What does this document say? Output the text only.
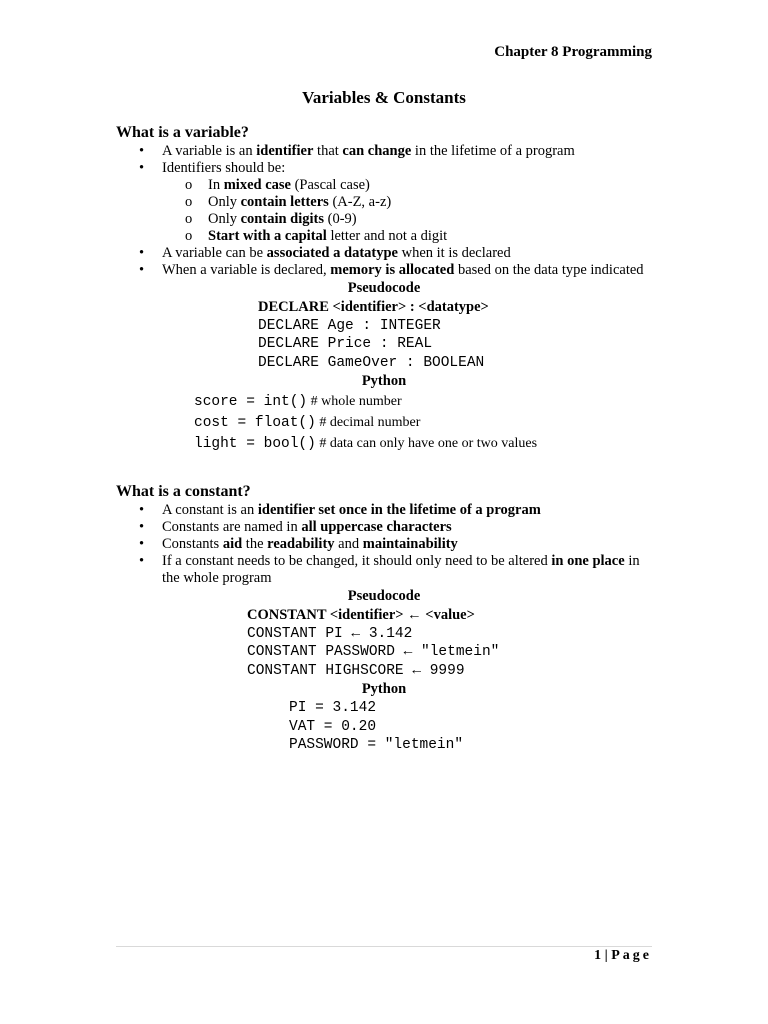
Chapter 8 Programming
Variables & Constants
What is a variable?
• A variable is an identifier that can change in the lifetime of a program
• Identifiers should be:
o In mixed case (Pascal case)
o Only contain letters (A-Z, a-z)
o Only contain digits (0-9)
o Start with a capital letter and not a digit
• A variable can be associated a datatype when it is declared
• When a variable is declared, memory is allocated based on the data type indicated
Pseudocode
DECLARE <identifier> : <datatype>
DECLARE Age : INTEGER
DECLARE Price : REAL
DECLARE GameOver : BOOLEAN
Python
score = int() # whole number
cost = float() # decimal number
light = bool() # data can only have one or two values
What is a constant?
• A constant is an identifier set once in the lifetime of a program
• Constants are named in all uppercase characters
• Constants aid the readability and maintainability
• If a constant needs to be changed, it should only need to be altered in one place in the whole program
Pseudocode
CONSTANT <identifier> ← <value>
CONSTANT PI ← 3.142
CONSTANT PASSWORD ← "letmein"
CONSTANT HIGHSCORE ← 9999
Python
PI = 3.142
VAT = 0.20
PASSWORD = "letmein"
1 | Page
